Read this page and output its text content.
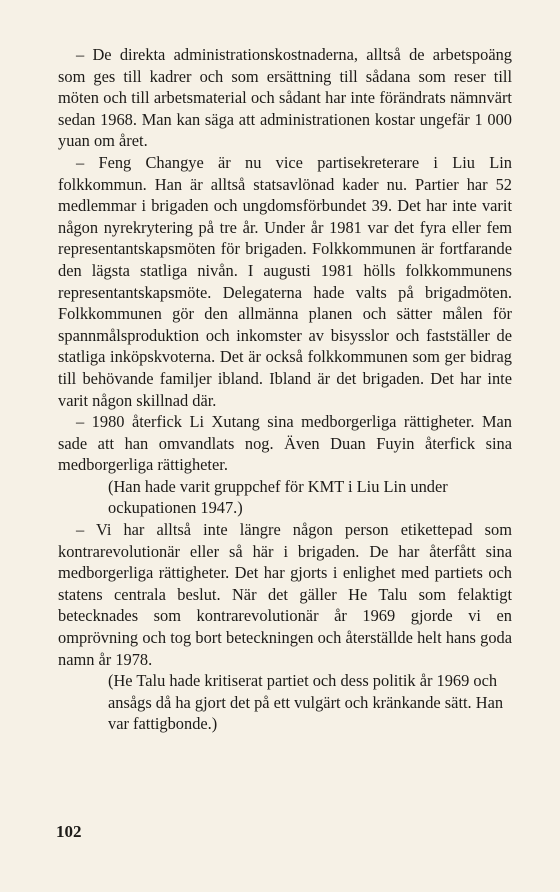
– De direkta administrationskostnaderna, alltså de arbetspoäng som ges till kadrer och som ersättning till sådana som reser till möten och till arbetsmaterial och sådant har inte förändrats nämnvärt sedan 1968. Man kan säga att administrationen kostar ungefär 1 000 yuan om året.

– Feng Changye är nu vice partisekreterare i Liu Lin folkkommun. Han är alltså statsavlönad kader nu. Partier har 52 medlemmar i brigaden och ungdomsförbundet 39. Det har inte varit någon nyrekrytering på tre år. Under år 1981 var det fyra eller fem representantskapsmöten för brigaden. Folkkommunen är fortfarande den lägsta statliga nivån. I augusti 1981 hölls folkkommunens representantskapsmöte. Delegaterna hade valts på brigadmöten. Folkkommunen gör den allmänna planen och sätter målen för spannmålsproduktion och inkomster av bisysslor och fastställer de statliga inköpskvoterna. Det är också folkkommunen som ger bidrag till behövande familjer ibland. Ibland är det brigaden. Det har inte varit någon skillnad där.

– 1980 återfick Li Xutang sina medborgerliga rättigheter. Man sade att han omvandlats nog. Även Duan Fuyin återfick sina medborgerliga rättigheter.

(Han hade varit gruppchef för KMT i Liu Lin under ockupationen 1947.)

– Vi har alltså inte längre någon person etikettерad som kontrarevolutionär eller så här i brigaden. De har återfått sina medborgerliga rättigheter. Det har gjorts i enlighet med partiets och statens centrala beslut. När det gäller He Talu som felaktigt betecknades som kontrarevolutionär år 1969 gjorde vi en omprövning och tog bort beteckningen och återställde helt hans goda namn år 1978.

(He Talu hade kritiserat partiet och dess politik år 1969 och ansågs då ha gjort det på ett vulgärt och kränkande sätt. Han var fattigbonde.)

102
